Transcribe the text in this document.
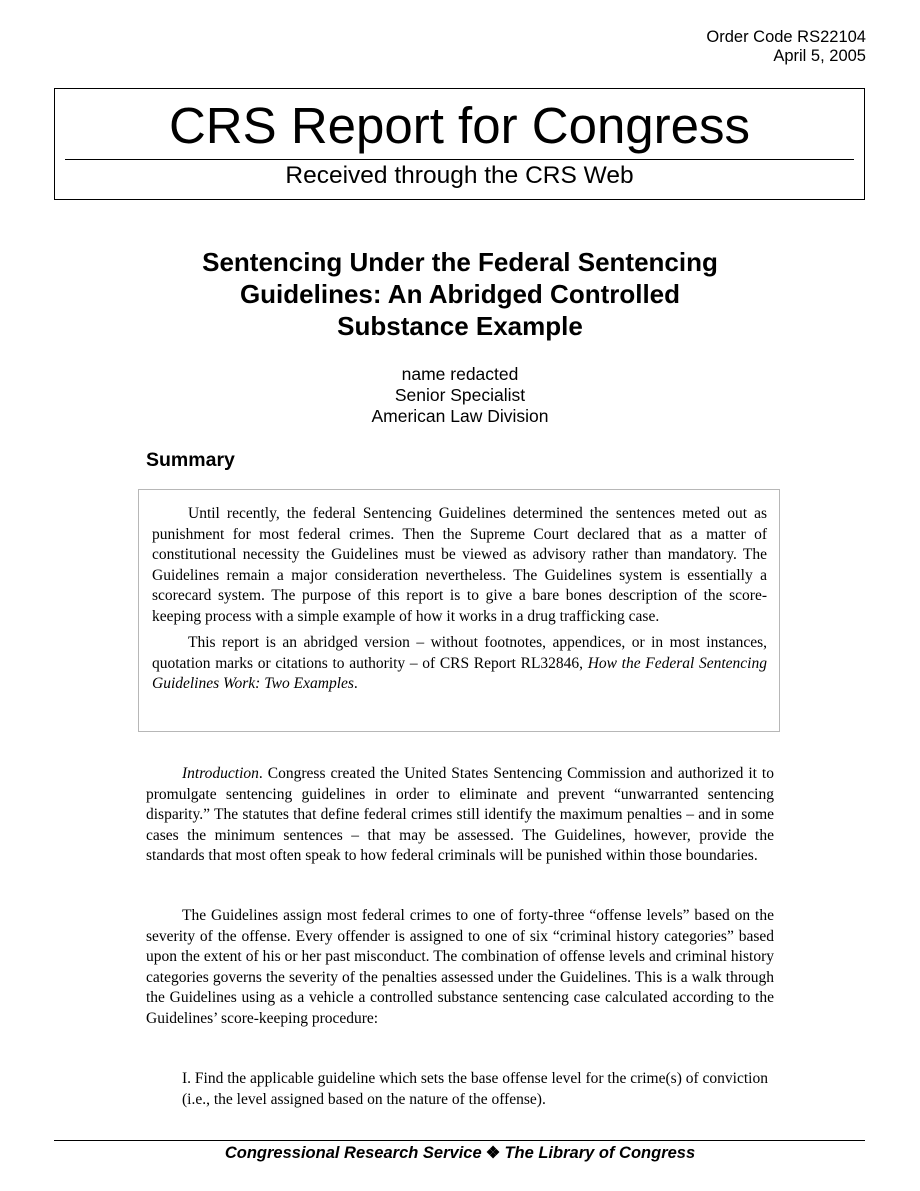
Order Code RS22104
April 5, 2005
CRS Report for Congress
Received through the CRS Web
Sentencing Under the Federal Sentencing
Guidelines: An Abridged Controlled
Substance Example
name redacted
Senior Specialist
American Law Division
Summary

Until recently, the federal Sentencing Guidelines determined the sentences meted out as punishment for most federal crimes. Then the Supreme Court declared that as a matter of constitutional necessity the Guidelines must be viewed as advisory rather than mandatory. The Guidelines remain a major consideration nevertheless. The Guidelines system is essentially a scorecard system. The purpose of this report is to give a bare bones description of the score-keeping process with a simple example of how it works in a drug trafficking case.

This report is an abridged version – without footnotes, appendices, or in most instances, quotation marks or citations to authority – of CRS Report RL32846, How the Federal Sentencing Guidelines Work: Two Examples.

Introduction. Congress created the United States Sentencing Commission and authorized it to promulgate sentencing guidelines in order to eliminate and prevent “unwarranted sentencing disparity.” The statutes that define federal crimes still identify the maximum penalties – and in some cases the minimum sentences – that may be assessed. The Guidelines, however, provide the standards that most often speak to how federal criminals will be punished within those boundaries.

The Guidelines assign most federal crimes to one of forty-three “offense levels” based on the severity of the offense. Every offender is assigned to one of six “criminal history categories” based upon the extent of his or her past misconduct. The combination of offense levels and criminal history categories governs the severity of the penalties assessed under the Guidelines. This is a walk through the Guidelines using as a vehicle a controlled substance sentencing case calculated according to the Guidelines’ score-keeping procedure:

I. Find the applicable guideline which sets the base offense level for the crime(s) of conviction (i.e., the level assigned based on the nature of the offense).

Congressional Research Service ❖ The Library of Congress
